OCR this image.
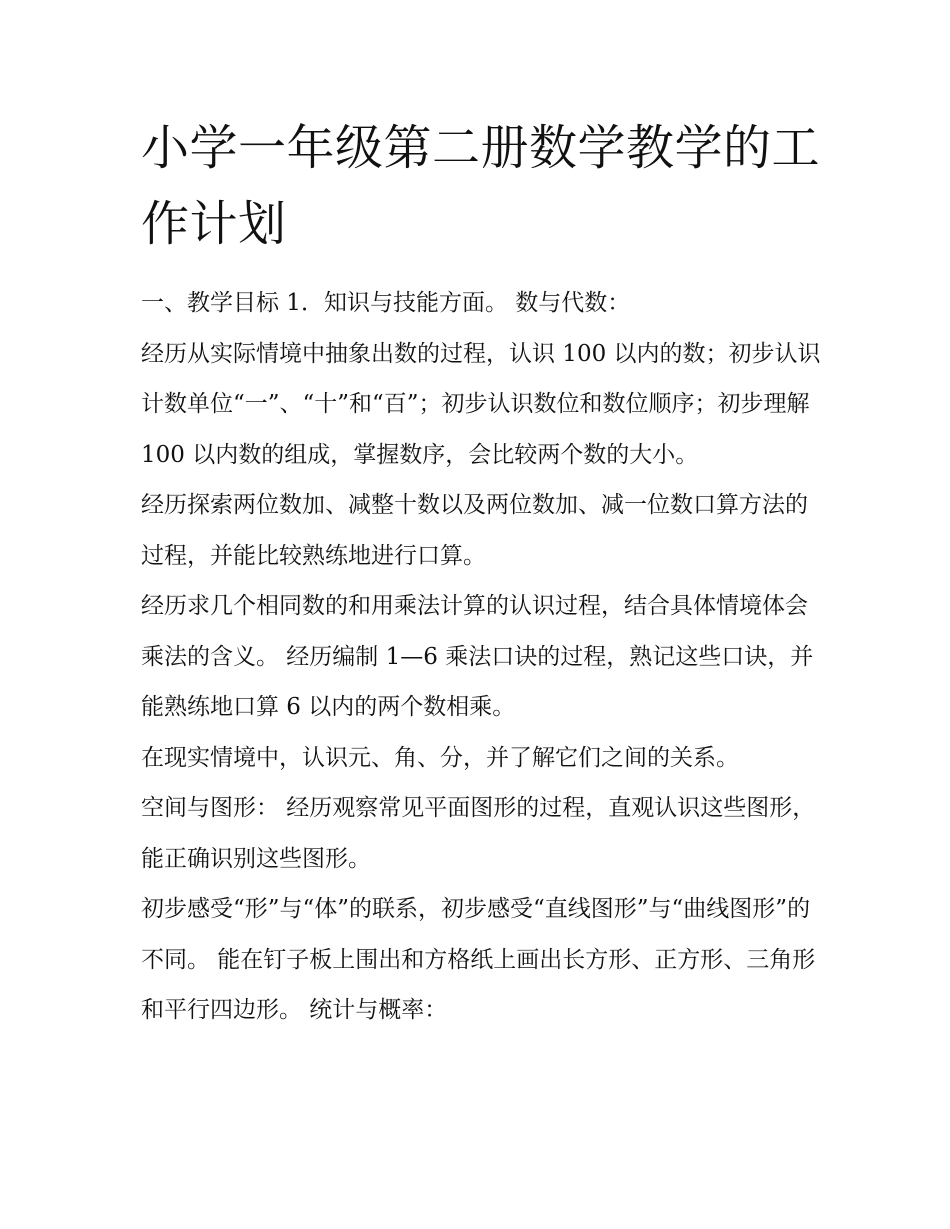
小学一年级第二册数学教学的工作计划

一、教学目标 1．知识与技能方面。 数与代数：

经历从实际情境中抽象出数的过程，认识 100 以内的数；初步认识计数单位“一”、“十”和“百”；初步认识数位和数位顺序；初步理解 100 以内数的组成，掌握数序，会比较两个数的大小。

经历探索两位数加、减整十数以及两位数加、减一位数口算方法的过程，并能比较熟练地进行口算。

经历求几个相同数的和用乘法计算的认识过程，结合具体情境体会乘法的含义。 经历编制 1—6 乘法口诀的过程，熟记这些口诀，并能熟练地口算 6 以内的两个数相乘。

在现实情境中，认识元、角、分，并了解它们之间的关系。

空间与图形： 经历观察常见平面图形的过程，直观认识这些图形，能正确识别这些图形。

初步感受“形”与“体”的联系，初步感受“直线图形”与“曲线图形”的不同。 能在钉子板上围出和方格纸上画出长方形、正方形、三角形和平行四边形。 统计与概率：
